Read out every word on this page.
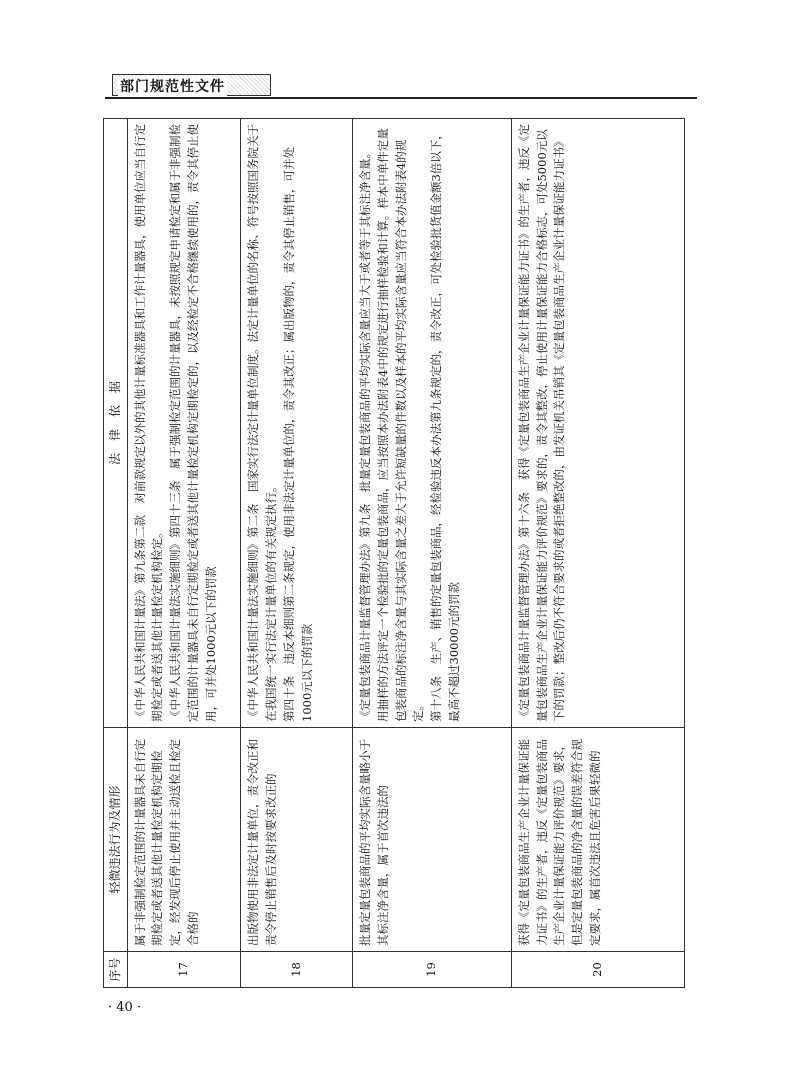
部门规范性文件
序号	轻微违法行为及情形	法　律　依　据
17	属于非强制检定范围的计量器具未自行定期检定或者送其他计量检定机构定期检定，经发现后停止使用并主动送检且检定合格的	《中华人民共和国计量法》第九条第二款　对前款规定以外的其他计量标准器具和工作计量器具，使用单位应当自行定期检定或者送其他计量检定机构检定。 《中华人民共和国计量法实施细则》第四十三条　属于强制检定范围的计量器具，未按照规定申请检定和属于非强制检定范围的计量器具未自行定期检定或者送其他计量检定机构定期检定的，以及经检定不合格继续使用的，责令其停止使用，可并处1000元以下的罚款

18	出版物使用非法定计量单位，责令改正和责令停止销售后及时按要求改正的	《中华人民共和国计量法实施细则》第二条　国家实行法定计量单位制度。法定计量单位的名称、符号按照国务院关于在我国统一实行法定计量单位的有关规定执行。 第四十条　违反本细则第二条规定，使用非法定计量单位的，责令其改正；属出版物的，责令其停止销售，可并处1000元以下的罚款

19	批量定量包装商品的平均实际含量略小于其标注净含量，属于首次违法的	《定量包装商品计量监督管理办法》第九条　批量定量包装商品的平均实际含量应当大于或者等于其标注净含量。 用抽样的方法评定一个检验批的定量包装商品，应当按照本办法附表4中的规定进行抽样检验和计算。样本中单件定量包装商品的标注净含量与其实际含量之差大于允许短缺量的件数以及样本的平均实际含量应当符合本办法附表4的规定。 第十八条　生产、销售的定量包装商品，经检验违反本办法第九条规定的，责令改正，可处检验批货值金额3倍以下，最高不超过30000元的罚款

20	获得《定量包装商品生产企业计量保证能力证书》的生产者，违反《定量包装商品生产企业计量保证能力评价规范》要求，但是定量包装商品的净含量的误差符合规定要求，属首次违法且危害后果轻微的	《定量包装商品计量监督管理办法》第十六条　获得《定量包装商品生产企业计量保证能力证书》的生产者，违反《定量包装商品生产企业计量保证能力评价规范》要求的，责令其整改，停止使用计量保证能力合格标志，可处5000元以下的罚款；整改后仍不符合要求的或者拒绝整改的，由发证机关吊销其《定量包装商品生产企业计量保证能力证书》
· 40 ·
